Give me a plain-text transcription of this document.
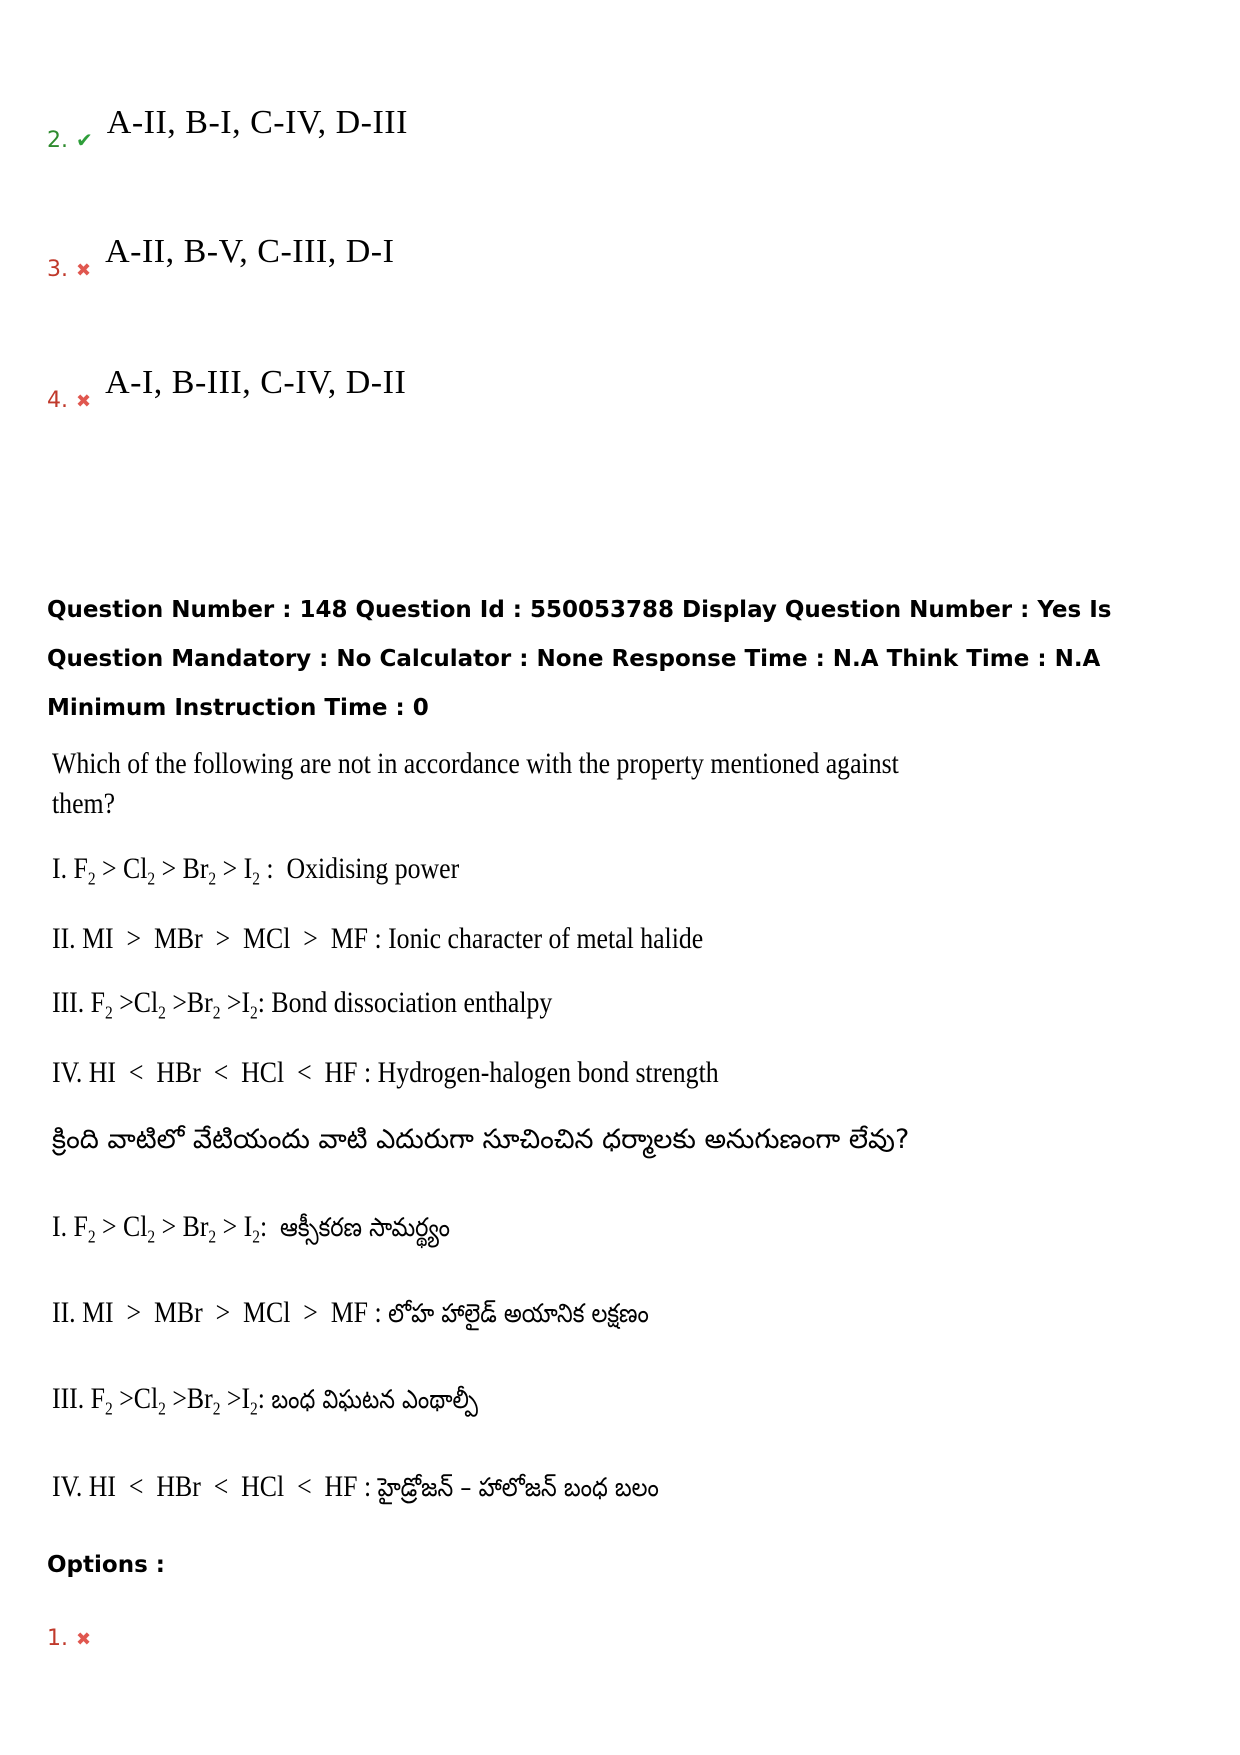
2. ✔ A-II, B-I, C-IV, D-III
3. ✖
A-II, B-V, C-III, D-I
4. ✖
A-I, B-III, C-IV, D-II
Question Number : 148 Question Id : 550053788 Display Question Number : Yes Is Question Mandatory : No Calculator : None Response Time : N.A Think Time : N.A Minimum Instruction Time : 0
Which of the following are not in accordance with the property mentioned against them?
I. $F_2 > Cl_2 > Br_2 > I_2$ :  Oxidising power
II. MI  >  MBr  >  MCl  >  MF : Ionic character of metal halide
III. $F_2 >Cl_2 >Br_2 >I_2$: Bond dissociation enthalpy
IV. HI  <  HBr  <  HCl  <  HF : Hydrogen-halogen bond strength
క్రింది వాటిలో వేటియందు వాటి ఎదురుగా సూచించిన ధర్మాలకు అనుగుణంగా లేవు?
I. $F_2 > Cl_2 > Br_2 > I_2$:  ఆక్సీకరణ సామర్థ్యం
II. MI  >  MBr  >  MCl  >  MF : లోహ హాలైడ్ అయానిక లక్షణం
III. $F_2 >Cl_2 >Br_2 >I_2$: బంధ విఘటన ఎంథాల్పీ
IV. HI  <  HBr  <  HCl  <  HF : హైడ్రోజన్ – హాలోజన్ బంధ బలం
Options :
1. ✖
